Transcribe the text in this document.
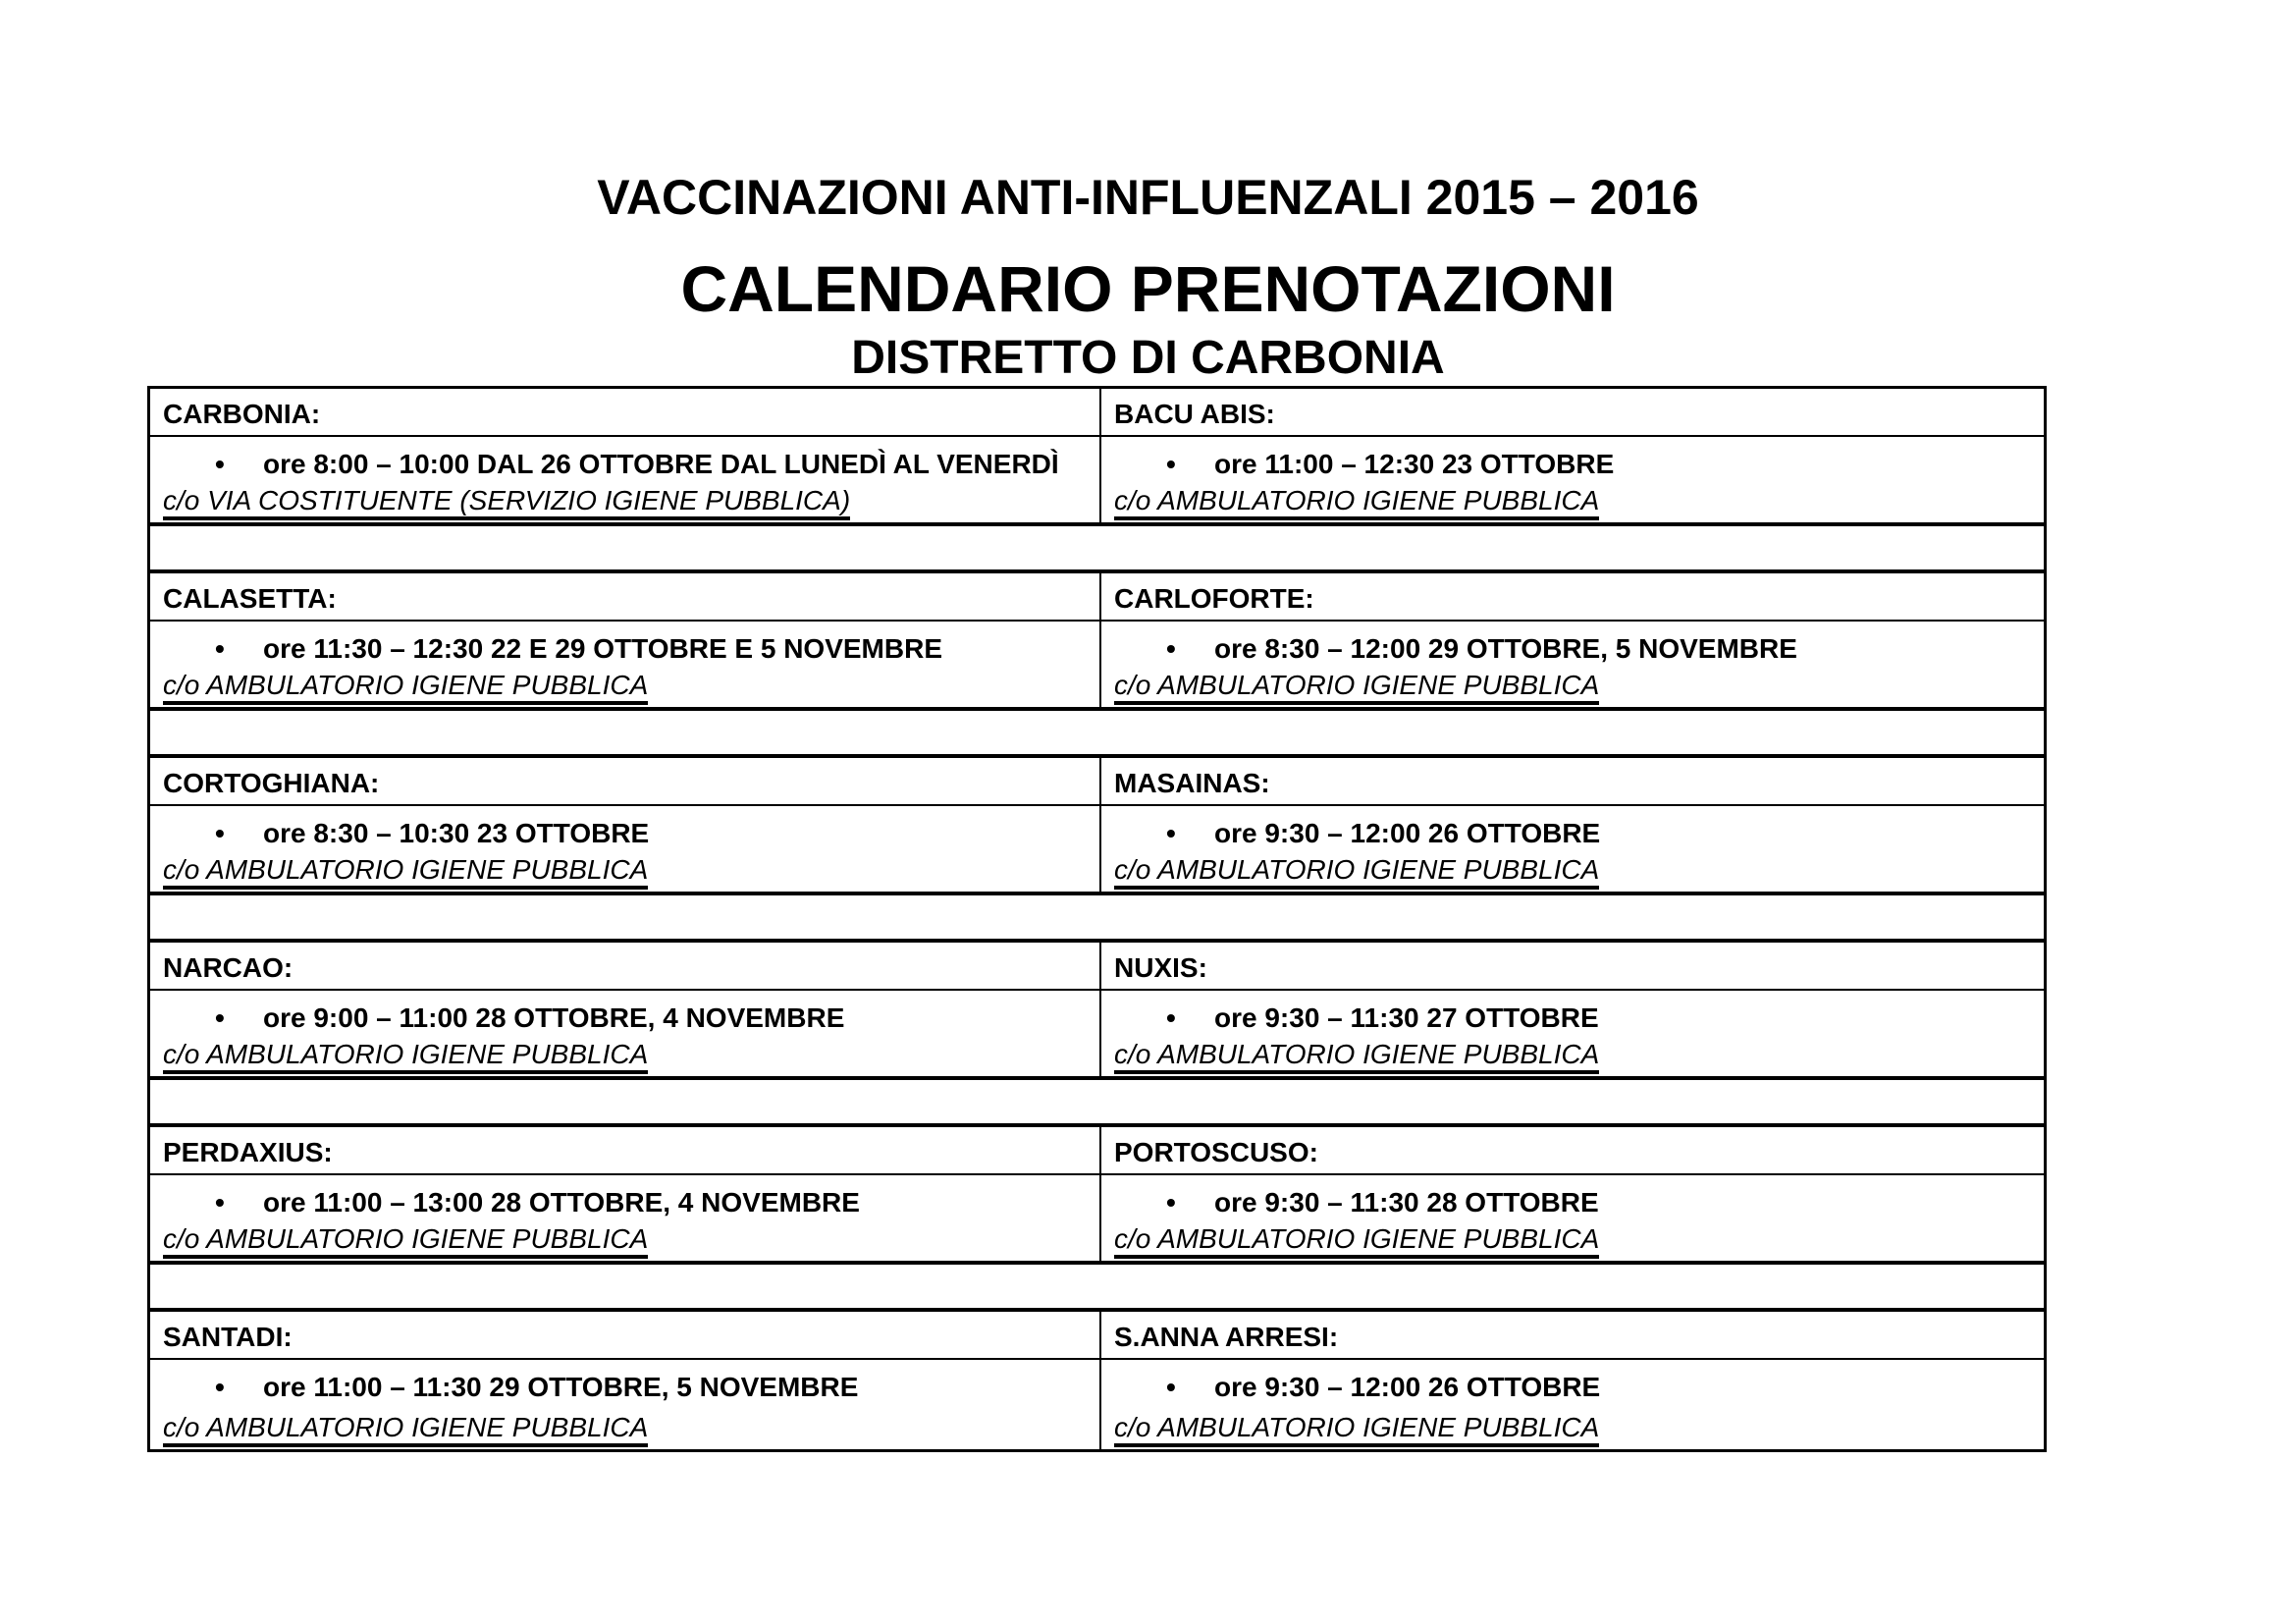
VACCINAZIONI ANTI-INFLUENZALI 2015 – 2016
CALENDARIO PRENOTAZIONI
DISTRETTO DI CARBONIA
CARBONIA:	BACU ABIS:
•	ore 8:00 – 10:00 DAL 26 OTTOBRE DAL LUNEDÌ AL VENERDÌ
c/o VIA COSTITUENTE (SERVIZIO IGIENE PUBBLICA)
•	ore 11:00 – 12:30 23 OTTOBRE
c/o AMBULATORIO IGIENE PUBBLICA
CALASETTA:	CARLOFORTE:
•	ore 11:30 – 12:30 22 E 29 OTTOBRE E 5 NOVEMBRE
c/o AMBULATORIO IGIENE PUBBLICA
•	ore 8:30 – 12:00 29 OTTOBRE, 5 NOVEMBRE
c/o AMBULATORIO IGIENE PUBBLICA
CORTOGHIANA:	MASAINAS:
•	ore 8:30 – 10:30 23 OTTOBRE
c/o AMBULATORIO IGIENE PUBBLICA
•	ore 9:30 – 12:00 26 OTTOBRE
c/o AMBULATORIO IGIENE PUBBLICA
NARCAO:	NUXIS:
•	ore 9:00 – 11:00 28 OTTOBRE, 4 NOVEMBRE
c/o AMBULATORIO IGIENE PUBBLICA
•	ore 9:30 – 11:30 27 OTTOBRE
c/o AMBULATORIO IGIENE PUBBLICA
PERDAXIUS:	PORTOSCUSO:
•	ore 11:00 – 13:00 28 OTTOBRE, 4 NOVEMBRE
c/o AMBULATORIO IGIENE PUBBLICA
•	ore 9:30 – 11:30 28 OTTOBRE
c/o AMBULATORIO IGIENE PUBBLICA
SANTADI:	S.ANNA ARRESI:
•	ore 11:00 – 11:30 29 OTTOBRE, 5 NOVEMBRE
c/o AMBULATORIO IGIENE PUBBLICA
•	ore 9:30 – 12:00 26 OTTOBRE
c/o AMBULATORIO IGIENE PUBBLICA
